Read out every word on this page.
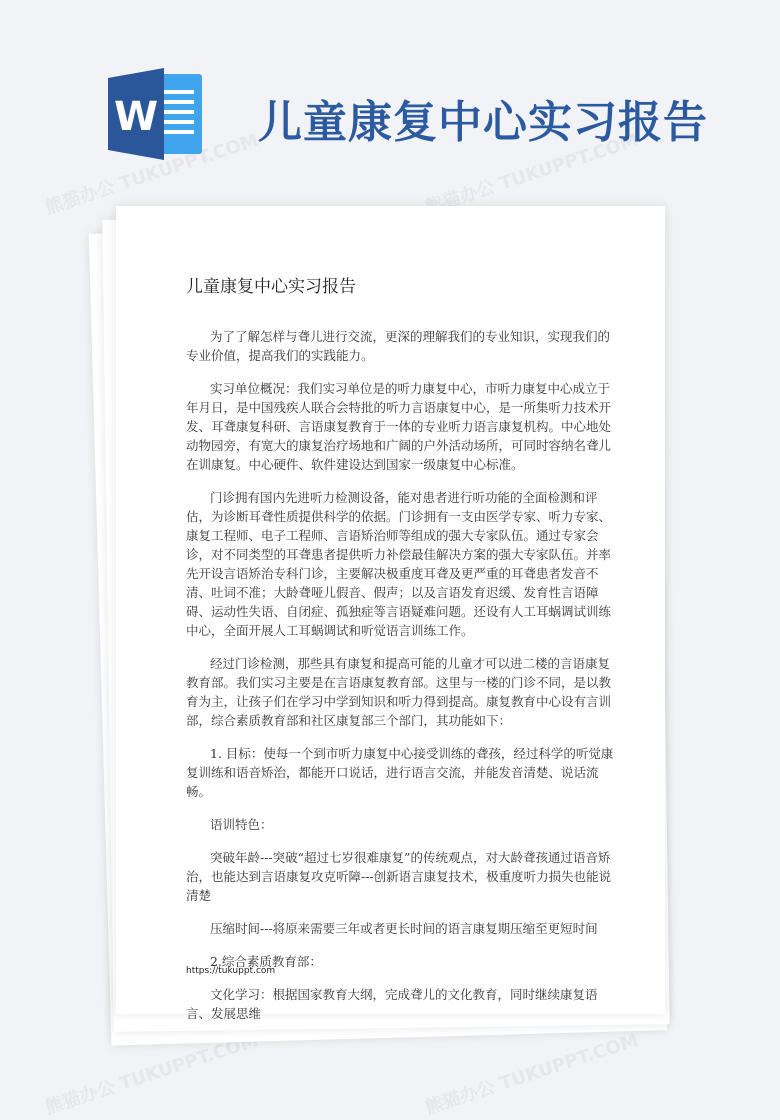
W 儿童康复中心实习报告
熊猫办公 TUKUPPT.COM	熊猫办公 TUKUPPT.COM
熊猫办公 TUKUPPT.COM	熊猫办公 TUKUPPT.COM
儿童康复中心实习报告

为了了解怎样与聋儿进行交流，更深的理解我们的专业知识，实现我们的专业价值，提高我们的实践能力。

实习单位概况：我们实习单位是的听力康复中心，市听力康复中心成立于年月日，是中国残疾人联合会特批的听力言语康复中心，是一所集听力技术开发、耳聋康复科研、言语康复教育于一体的专业听力语言康复机构。中心地处动物园旁，有宽大的康复治疗场地和广阔的户外活动场所，可同时容纳名聋儿在训康复。中心硬件、软件建设达到国家一级康复中心标准。

门诊拥有国内先进听力检测设备，能对患者进行听功能的全面检测和评估，为诊断耳聋性质提供科学的依据。门诊拥有一支由医学专家、听力专家、康复工程师、电子工程师、言语矫治师等组成的强大专家队伍。通过专家会诊，对不同类型的耳聋患者提供听力补偿最佳解决方案的强大专家队伍。并率先开设言语矫治专科门诊，主要解决极重度耳聋及更严重的耳聋患者发音不清、吐词不准；大龄聋哑儿假音、假声；以及言语发育迟缓、发育性言语障碍、运动性失语、自闭症、孤独症等言语疑难问题。还设有人工耳蜗调试训练中心，全面开展人工耳蜗调试和听觉语言训练工作。

经过门诊检测，那些具有康复和提高可能的儿童才可以进二楼的言语康复教育部。我们实习主要是在言语康复教育部。这里与一楼的门诊不同，是以教育为主，让孩子们在学习中学到知识和听力得到提高。康复教育中心设有言训部，综合素质教育部和社区康复部三个部门，其功能如下：

1. 目标：使每一个到市听力康复中心接受训练的聋孩，经过科学的听觉康复训练和语音矫治，都能开口说话，进行语言交流，并能发音清楚、说话流畅。

语训特色：

突破年龄---突破“超过七岁很难康复”的传统观点，对大龄聋孩通过语音矫治，也能达到言语康复攻克听障---创新语言康复技术，极重度听力损失也能说清楚

压缩时间---将原来需要三年或者更长时间的语言康复期压缩至更短时间

2.综合素质教育部：

文化学习：根据国家教育大纲，完成聋儿的文化教育，同时继续康复语言、发展思维

https://tukuppt.com
